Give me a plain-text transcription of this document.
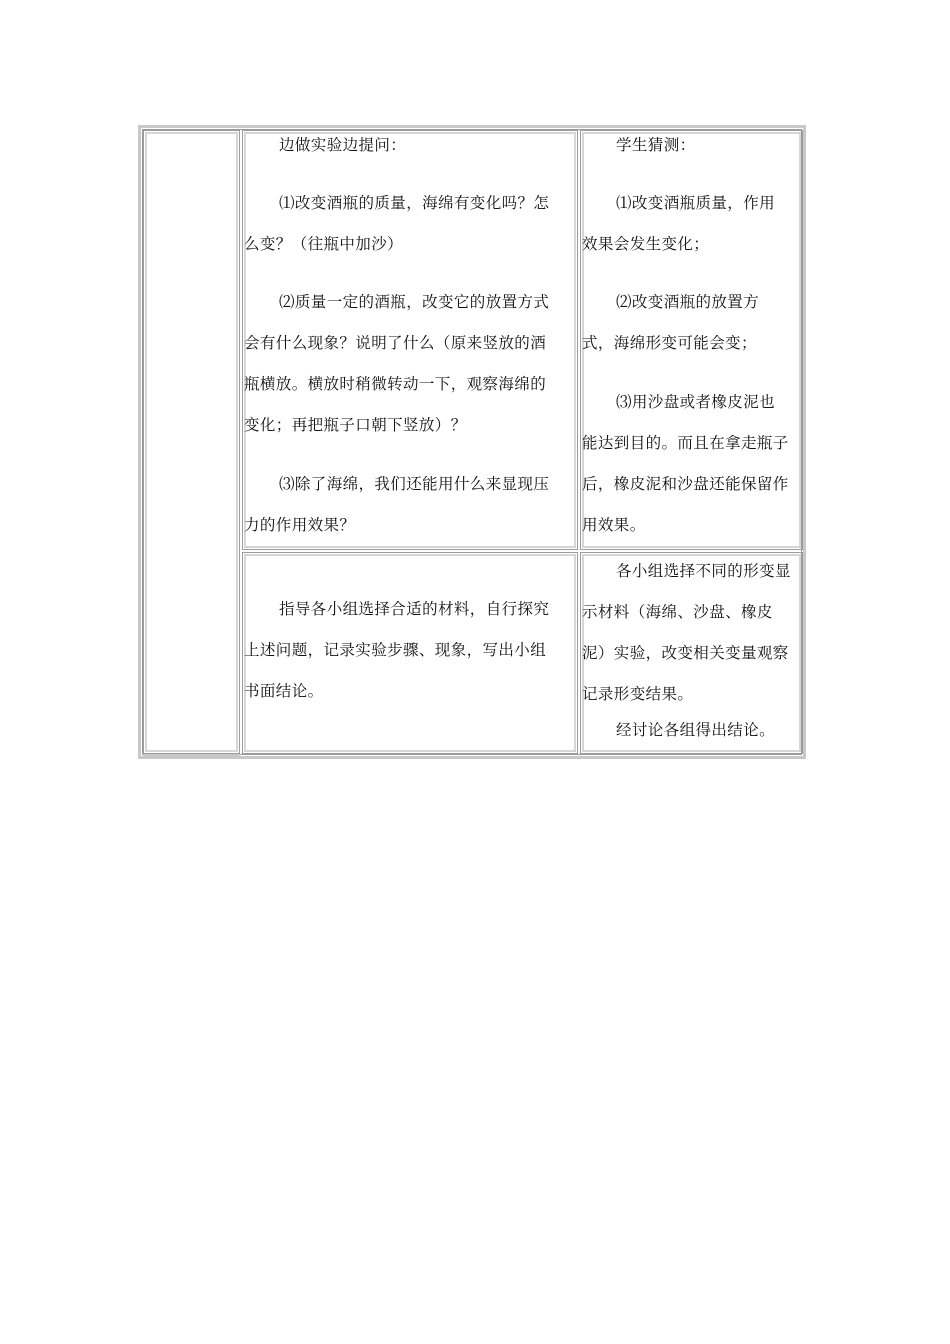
边做实验边提问：
⑴改变酒瓶的质量，海绵有变化吗？怎
么变？（往瓶中加沙）
⑵质量一定的酒瓶，改变它的放置方式
会有什么现象？说明了什么（原来竖放的酒
瓶横放。横放时稍微转动一下，观察海绵的
变化；再把瓶子口朝下竖放）？
⑶除了海绵，我们还能用什么来显现压
力的作用效果？
学生猜测：
⑴改变酒瓶质量，作用
效果会发生变化；
⑵改变酒瓶的放置方
式，海绵形变可能会变；
⑶用沙盘或者橡皮泥也
能达到目的。而且在拿走瓶子
后，橡皮泥和沙盘还能保留作
用效果。
指导各小组选择合适的材料，自行探究
上述问题，记录实验步骤、现象，写出小组
书面结论。
各小组选择不同的形变显
示材料（海绵、沙盘、橡皮
泥）实验，改变相关变量观察
记录形变结果。
经讨论各组得出结论。
